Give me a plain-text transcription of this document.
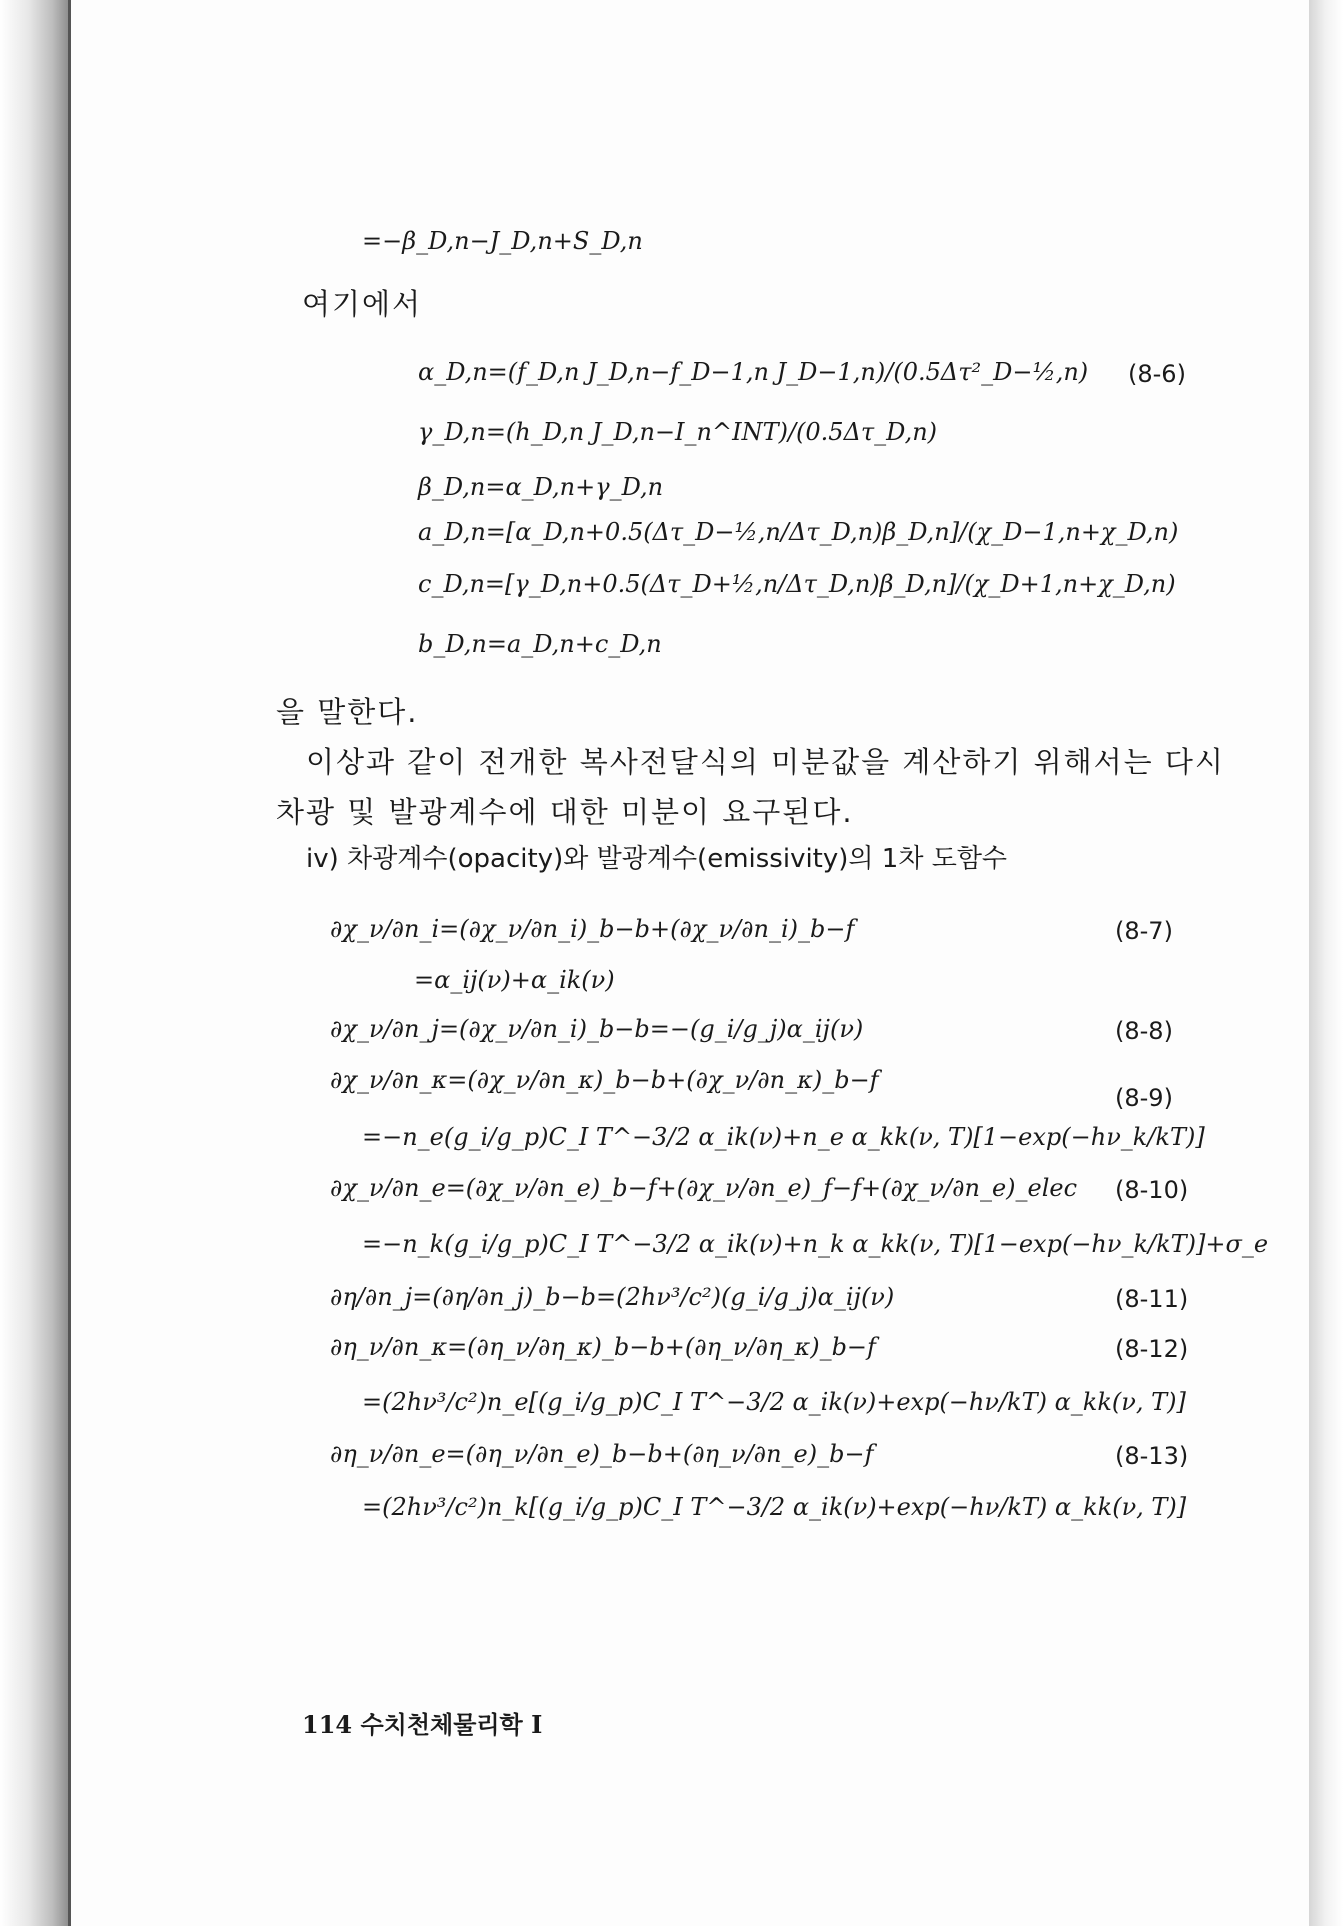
=−β_D,n−J_D,n+S_D,n
여기에서
α_D,n=(f_D,n J_D,n−f_D−1,n J_D−1,n)/(0.5Δτ²_D−½,n) (8-6)
γ_D,n=(h_D,n J_D,n−I_n^INT)/(0.5Δτ_D,n)
β_D,n=α_D,n+γ_D,n
a_D,n=[α_D,n+0.5(Δτ_D−½,n/Δτ_D,n)β_D,n]/(χ_D−1,n+χ_D,n)
c_D,n=[γ_D,n+0.5(Δτ_D+½,n/Δτ_D,n)β_D,n]/(χ_D+1,n+χ_D,n)
b_D,n=a_D,n+c_D,n
을 말한다.
이상과 같이 전개한 복사전달식의 미분값을 계산하기 위해서는 다시
차광 및 발광계수에 대한 미분이 요구된다.
iv) 차광계수(opacity)와 발광계수(emissivity)의 1차 도함수
∂χ_ν/∂n_i=(∂χ_ν/∂n_i)_b−b+(∂χ_ν/∂n_i)_b−f	(8-7)
=α_ij(ν)+α_ik(ν)
∂χ_ν/∂n_j=(∂χ_ν/∂n_i)_b−b=−(g_i/g_j)α_ij(ν)	(8-8)
∂χ_ν/∂n_κ=(∂χ_ν/∂n_κ)_b−b+(∂χ_ν/∂n_κ)_b−f
(8-9)
=−n_e(g_i/g_p)C_I T^−3/2 α_ik(ν)+n_e α_kk(ν, T)[1−exp(−hν_k/kT)]
∂χ_ν/∂n_e=(∂χ_ν/∂n_e)_b−f+(∂χ_ν/∂n_e)_f−f+(∂χ_ν/∂n_e)_elec (8-10)
=−n_k(g_i/g_p)C_I T^−3/2 α_ik(ν)+n_k α_kk(ν, T)[1−exp(−hν_k/kT)]+σ_e
∂η/∂n_j=(∂η/∂n_j)_b−b=(2hν³/c²)(g_i/g_j)α_ij(ν)	(8-11)
∂η_ν/∂n_κ=(∂η_ν/∂η_κ)_b−b+(∂η_ν/∂η_κ)_b−f	(8-12)
=(2hν³/c²)n_e[(g_i/g_p)C_I T^−3/2 α_ik(ν)+exp(−hν/kT) α_kk(ν, T)]
∂η_ν/∂n_e=(∂η_ν/∂n_e)_b−b+(∂η_ν/∂n_e)_b−f	(8-13)
=(2hν³/c²)n_k[(g_i/g_p)C_I T^−3/2 α_ik(ν)+exp(−hν/kT) α_kk(ν, T)]
114 수치천체물리학 I
